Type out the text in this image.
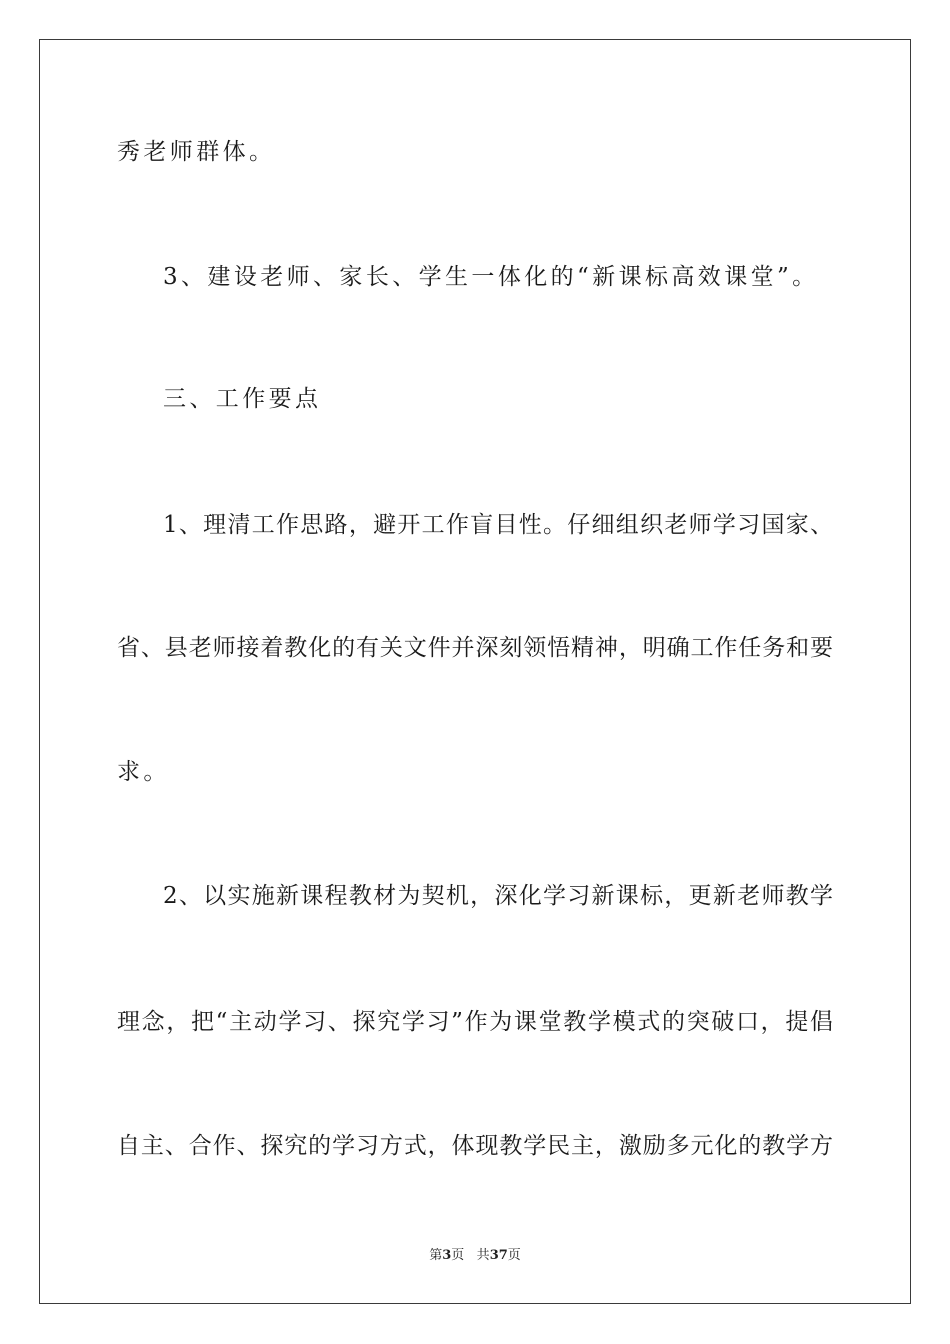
秀老师群体。

3、建设老师、家长、学生一体化的“新课标高效课堂”。

三、工作要点

1、理清工作思路，避开工作盲目性。仔细组织老师学习国家、

省、县老师接着教化的有关文件并深刻领悟精神，明确工作任务和要

求。

2、以实施新课程教材为契机，深化学习新课标，更新老师教学

理念，把“主动学习、探究学习”作为课堂教学模式的突破口，提倡

自主、合作、探究的学习方式，体现教学民主，激励多元化的教学方

第3页 共37页
